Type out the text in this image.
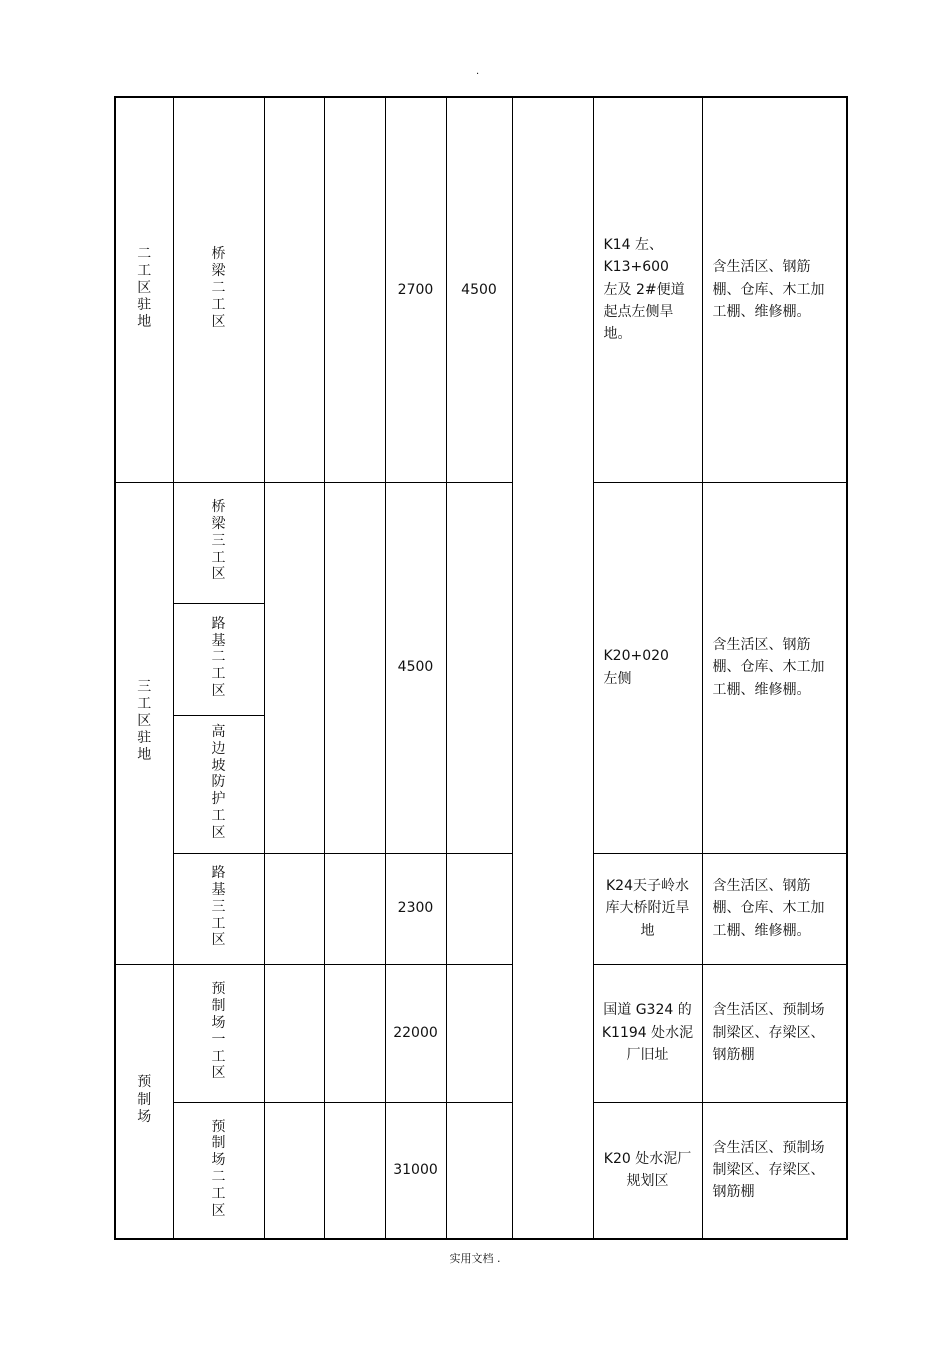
.
二工区驻地	桥梁二工区			2700	4500		K14 左、K13+600　左及 2#便道起点左侧旱地。	含生活区、钢筋棚、仓库、木工加工棚、维修棚。
三工区驻地	桥梁三工区			4500			K20+020　左侧	含生活区、钢筋棚、仓库、木工加工棚、维修棚。
	路基二工区							
	高边坡防护工区							
	路基三工区			2300			K24天子岭水库大桥附近旱地	含生活区、钢筋棚、仓库、木工加工棚、维修棚。
预制场	预制场一工区			22000			国道 G324 的 K1194 处水泥厂旧址	含生活区、预制场制梁区、存梁区、钢筋棚
	预制场二工区			31000			K20 处水泥厂规划区	含生活区、预制场制梁区、存梁区、钢筋棚
实用文档 .
